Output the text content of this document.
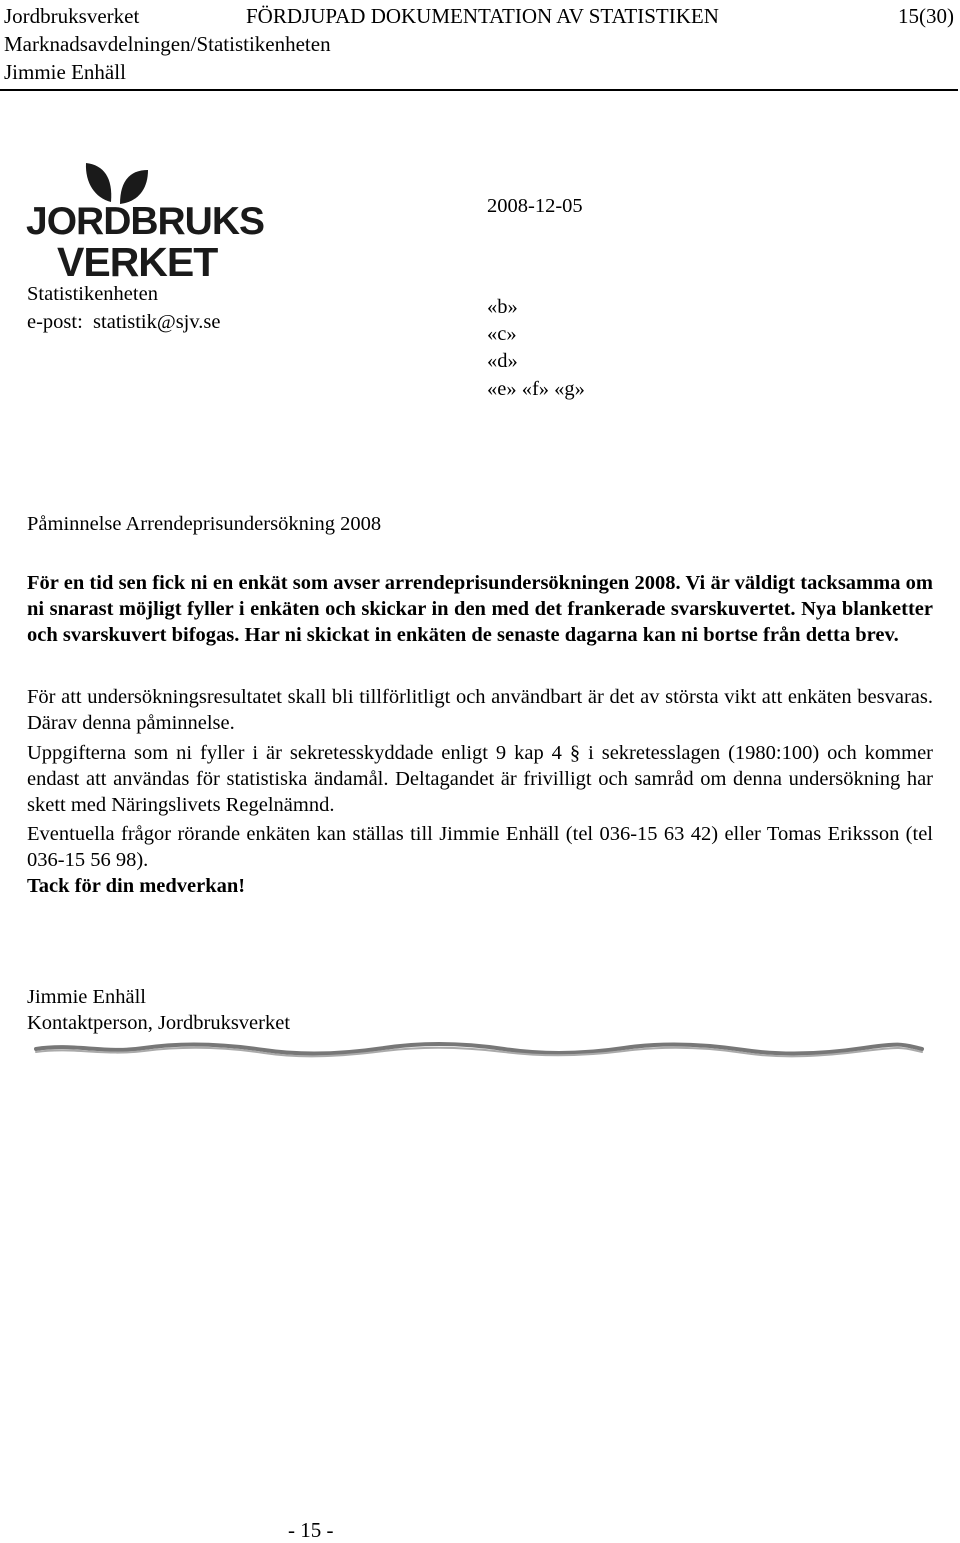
Jordbruksverket	FÖRDJUPAD DOKUMENTATION AV STATISTIKEN	15(30)
Marknadsavdelningen/Statistikenheten
Jimmie Enhäll
JORDBRUKS
VERKET
Statistikenheten
e-post: statistik@sjv.se
2008-12-05
«b»
«c»
«d»
«e» «f» «g»
Påminnelse Arrendeprisundersökning 2008

För en tid sen fick ni en enkät som avser arrendeprisundersökningen 2008. Vi är väldigt tacksamma om ni snarast möjligt fyller i enkäten och skickar in den med det frankerade svarskuvertet. Nya blanketter och svarskuvert bifogas. Har ni skickat in enkäten de senaste dagarna kan ni bortse från detta brev.

För att undersökningsresultatet skall bli tillförlitligt och användbart är det av största vikt att enkäten besvaras. Därav denna påminnelse.

Uppgifterna som ni fyller i är sekretesskyddade enligt 9 kap 4 § i sekretesslagen (1980:100) och kommer endast att användas för statistiska ändamål. Deltagandet är frivilligt och samråd om denna undersökning har skett med Näringslivets Regelnämnd.

Eventuella frågor rörande enkäten kan ställas till Jimmie Enhäll (tel 036-15 63 42) eller Tomas Eriksson (tel 036-15 56 98).

Tack för din medverkan!
Jimmie Enhäll
Kontaktperson, Jordbruksverket
- 15 -
